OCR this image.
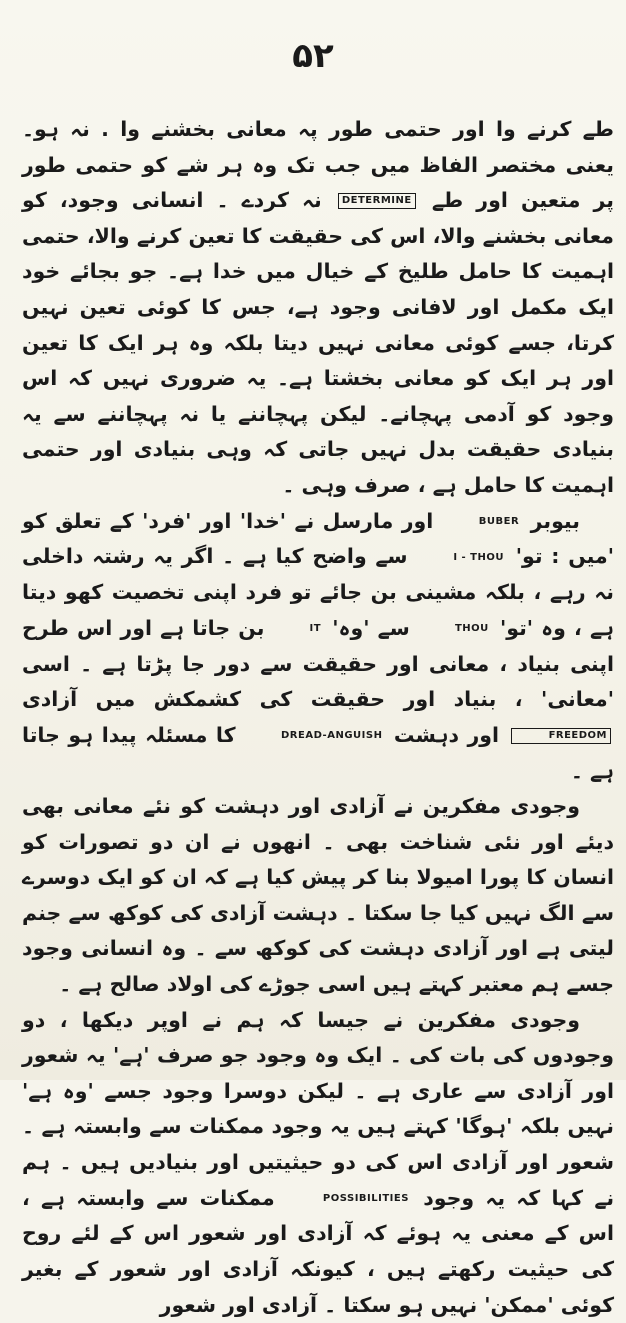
۵۲

طے کرنے وا اور حتمی طور پہ معانی بخشنے وا . نہ ہو۔ یعنی مختصر الفاظ میں جب تک وہ ہر شے کو حتمی طور پر متعین اور طے DETERMINE نہ کردے ۔ انسانی وجود، کو معانی بخشنے والا، اس کی حقیقت کا تعین کرنے والا، حتمی اہمیت کا حامل طلیخ کے خیال میں خدا ہے۔ جو بجائے خود ایک مکمل اور لافانی وجود ہے، جس کا کوئی تعین نہیں کرتا، جسے کوئی معانی نہیں دیتا بلکہ وہ ہر ایک کا تعین اور ہر ایک کو معانی بخشتا ہے۔ یہ ضروری نہیں کہ اس وجود کو آدمی پہچانے۔ لیکن پہچاننے یا نہ پہچاننے سے یہ بنیادی حقیقت بدل نہیں جاتی کہ وہی بنیادی اور حتمی اہمیت کا حامل ہے ، صرف وہی ۔

بیوبر BUBER اور مارسل نے 'خدا' اور 'فرد' کے تعلق کو 'میں : تو' I - THOU سے واضح کیا ہے ۔ اگر یہ رشتہ داخلی نہ رہے ، بلکہ مشینی بن جائے تو فرد اپنی تخصیت کھو دیتا ہے ، وہ 'تو' THOU سے 'وہ' IT بن جاتا ہے اور اس طرح اپنی بنیاد ، معانی اور حقیقت سے دور جا پڑتا ہے ۔ اسی 'معانی' ، بنیاد اور حقیقت کی کشمکش میں آزادی FREEDOM اور دہشت DREAD-ANGUISH کا مسئلہ پیدا ہو جاتا ہے ۔

وجودی مفکرین نے آزادی اور دہشت کو نئے معانی بھی دیئے اور نئی شناخت بھی ۔ انھوں نے ان دو تصورات کو انسان کا پورا امیولا بنا کر پیش کیا ہے کہ ان کو ایک دوسرے سے الگ نہیں کیا جا سکتا ۔ دہشت آزادی کی کوکھ سے جنم لیتی ہے اور آزادی دہشت کی کوکھ سے ۔ وہ انسانی وجود جسے ہم معتبر کہتے ہیں اسی جوڑے کی اولاد صالح ہے ۔

وجودی مفکرین نے جیسا کہ ہم نے اوپر دیکھا ، دو وجودوں کی بات کی ۔ ایک وہ وجود جو صرف 'ہے' یہ شعور اور آزادی سے عاری ہے ۔ لیکن دوسرا وجود جسے 'وہ ہے' نہیں بلکہ 'ہوگا' کہتے ہیں یہ وجود ممکنات سے وابستہ ہے ۔ شعور اور آزادی اس کی دو حیثیتیں اور بنیادیں ہیں ۔ ہم نے کہا کہ یہ وجود POSSIBILITIES ممکنات سے وابستہ ہے ، اس کے معنی یہ ہوئے کہ آزادی اور شعور اس کے لئے روح کی حیثیت رکھتے ہیں ، کیونکہ آزادی اور شعور کے بغیر کوئی 'ممکن' نہیں ہو سکتا ۔ آزادی اور شعور
